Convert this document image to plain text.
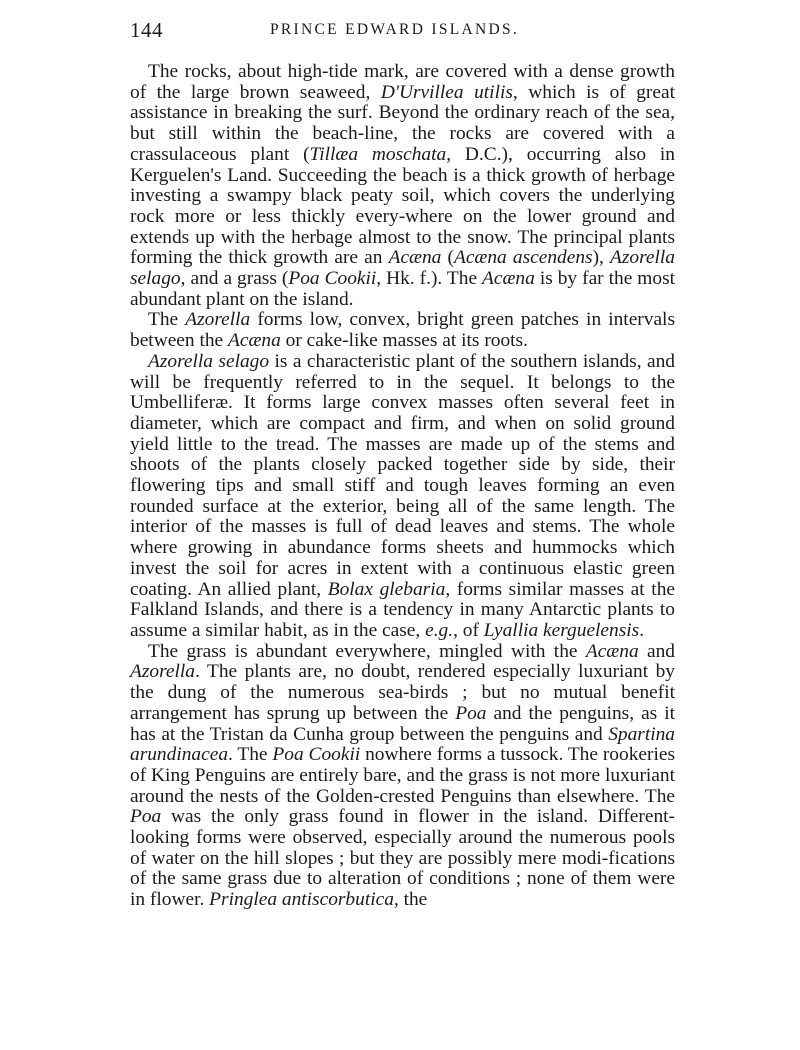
144	PRINCE EDWARD ISLANDS.

The rocks, about high-tide mark, are covered with a dense growth of the large brown seaweed, D'Urvillea utilis, which is of great assistance in breaking the surf. Beyond the ordinary reach of the sea, but still within the beach-line, the rocks are covered with a crassulaceous plant (Tillæa moschata, D.C.), occurring also in Kerguelen's Land. Succeeding the beach is a thick growth of herbage investing a swampy black peaty soil, which covers the underlying rock more or less thickly every-where on the lower ground and extends up with the herbage almost to the snow. The principal plants forming the thick growth are an Acæna (Acæna ascendens), Azorella selago, and a grass (Poa Cookii, Hk. f.). The Acæna is by far the most abundant plant on the island.

The Azorella forms low, convex, bright green patches in intervals between the Acæna or cake-like masses at its roots.

Azorella selago is a characteristic plant of the southern islands, and will be frequently referred to in the sequel. It belongs to the Umbelliferæ. It forms large convex masses often several feet in diameter, which are compact and firm, and when on solid ground yield little to the tread. The masses are made up of the stems and shoots of the plants closely packed together side by side, their flowering tips and small stiff and tough leaves forming an even rounded surface at the exterior, being all of the same length. The interior of the masses is full of dead leaves and stems. The whole where growing in abundance forms sheets and hummocks which invest the soil for acres in extent with a continuous elastic green coating. An allied plant, Bolax glebaria, forms similar masses at the Falkland Islands, and there is a tendency in many Antarctic plants to assume a similar habit, as in the case, e.g., of Lyallia kerguelensis.

The grass is abundant everywhere, mingled with the Acæna and Azorella. The plants are, no doubt, rendered especially luxuriant by the dung of the numerous sea-birds ; but no mutual benefit arrangement has sprung up between the Poa and the penguins, as it has at the Tristan da Cunha group between the penguins and Spartina arundinacea. The Poa Cookii nowhere forms a tussock. The rookeries of King Penguins are entirely bare, and the grass is not more luxuriant around the nests of the Golden-crested Penguins than elsewhere. The Poa was the only grass found in flower in the island. Different-looking forms were observed, especially around the numerous pools of water on the hill slopes ; but they are possibly mere modi-fications of the same grass due to alteration of conditions ; none of them were in flower. Pringlea antiscorbutica, the
